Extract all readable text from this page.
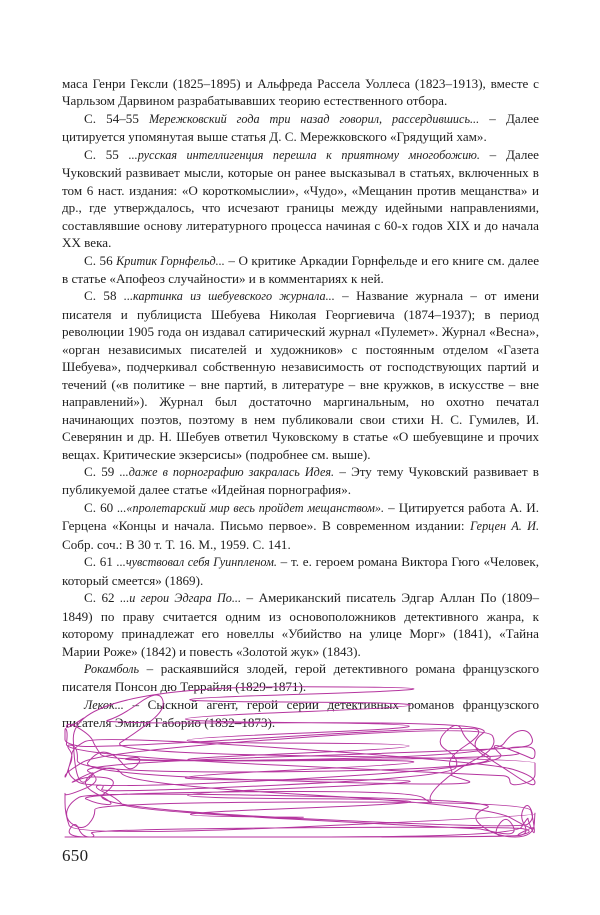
маса Генри Гексли (1825–1895) и Альфреда Рассела Уоллеса (1823–1913), вместе с Чарльзом Дарвином разрабатывавших теорию естественного отбора.

С. 54–55 Мережковский года три назад говорил, рассердившись... – Далее цитируется упомянутая выше статья Д. С. Мережковского «Грядущий хам».

С. 55 ...русская интеллигенция перешла к приятному многобожию. – Далее Чуковский развивает мысли, которые он ранее высказывал в статьях, включенных в том 6 наст. издания: «О короткомыслии», «Чудо», «Мещанин против мещанства» и др., где утверждалось, что исчезают границы между идейными направлениями, составлявшие основу литературного процесса начиная с 60-х годов XIX и до начала XX века.

С. 56 Критик Горнфельд... – О критике Аркадии Горнфельде и его книге см. далее в статье «Апофеоз случайности» и в комментариях к ней.

С. 58 ...картинка из шебуевского журнала... – Название журнала – от имени писателя и публициста Шебуева Николая Георгиевича (1874–1937); в период революции 1905 года он издавал сатирический журнал «Пулемет». Журнал «Весна», «орган независимых писателей и художников» с постоянным отделом «Газета Шебуева», подчеркивал собственную независимость от господствующих партий и течений («в политике – вне партий, в литературе – вне кружков, в искусстве – вне направлений»). Журнал был достаточно маргинальным, но охотно печатал начинающих поэтов, поэтому в нем публиковали свои стихи Н. С. Гумилев, И. Северянин и др. Н. Шебуев ответил Чуковскому в статье «О шебуевщине и прочих вещах. Критические экзерсисы» (подробнее см. выше).

С. 59 ...даже в порнографию закралась Идея. – Эту тему Чуковский развивает в публикуемой далее статье «Идейная порнография».

С. 60 ...«пролетарский мир весь пройдет мещанством». – Цитируется работа А. И. Герцена «Концы и начала. Письмо первое». В современном издании: Герцен А. И. Собр. соч.: В 30 т. Т. 16. М., 1959. С. 141.

С. 61 ...чувствовал себя Гуинпленом. – т. е. героем романа Виктора Гюго «Человек, который смеется» (1869).

С. 62 ...и герои Эдгара По... – Американский писатель Эдгар Аллан По (1809–1849) по праву считается одним из основоположников детективного жанра, к которому принадлежат его новеллы «Убийство на улице Морг» (1841), «Тайна Марии Роже» (1842) и повесть «Золотой жук» (1843).

Рокамболь – раскаявшийся злодей, герой детективного романа французского писателя Понсон дю Террайля (1829–1871).

Лекок... – Сыскной агент, герой серии детективных романов французского писателя Эмиля Габорио (1832–1873).

650
